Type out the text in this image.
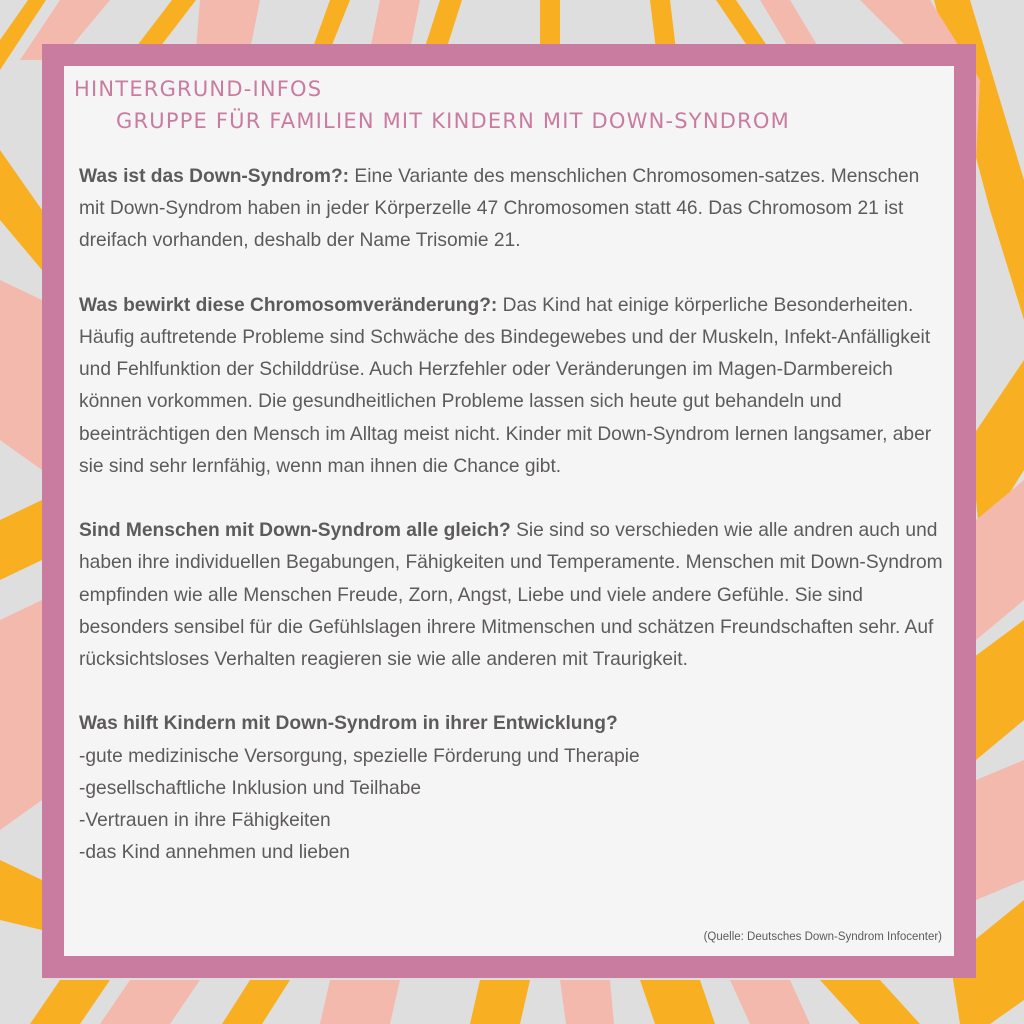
HINTERGRUND-INFOS
GRUPPE FÜR FAMILIEN MIT KINDERN MIT DOWN-SYNDROM

Was ist das Down-Syndrom?: Eine Variante des menschlichen Chromosomen-satzes. Menschen mit Down-Syndrom haben in jeder Körperzelle 47 Chromosomen statt 46. Das Chromosom 21 ist dreifach vorhanden, deshalb der Name Trisomie 21.

Was bewirkt diese Chromosomveränderung?: Das Kind hat einige körperliche Besonderheiten. Häufig auftretende Probleme sind Schwäche des Bindegewebes und der Muskeln, Infekt-Anfälligkeit und Fehlfunktion der Schilddrüse. Auch Herzfehler oder Veränderungen im Magen-Darmbereich können vorkommen. Die gesundheitlichen Probleme lassen sich heute gut behandeln und beeinträchtigen den Mensch im Alltag meist nicht. Kinder mit Down-Syndrom lernen langsamer, aber sie sind sehr lernfähig, wenn man ihnen die Chance gibt.

Sind Menschen mit Down-Syndrom alle gleich? Sie sind so verschieden wie alle andren auch und haben ihre individuellen Begabungen, Fähigkeiten und Temperamente. Menschen mit Down-Syndrom empfinden wie alle Menschen Freude, Zorn, Angst, Liebe und viele andere Gefühle. Sie sind besonders sensibel für die Gefühlslagen ihrere Mitmenschen und schätzen Freundschaften sehr. Auf rücksichtsloses Verhalten reagieren sie wie alle anderen mit Traurigkeit.

Was hilft Kindern mit Down-Syndrom in ihrer Entwicklung?
-gute medizinische Versorgung, spezielle Förderung und Therapie
-gesellschaftliche Inklusion und Teilhabe
-Vertrauen in ihre Fähigkeiten
-das Kind annehmen und lieben
(Quelle: Deutsches Down-Syndrom Infocenter)
